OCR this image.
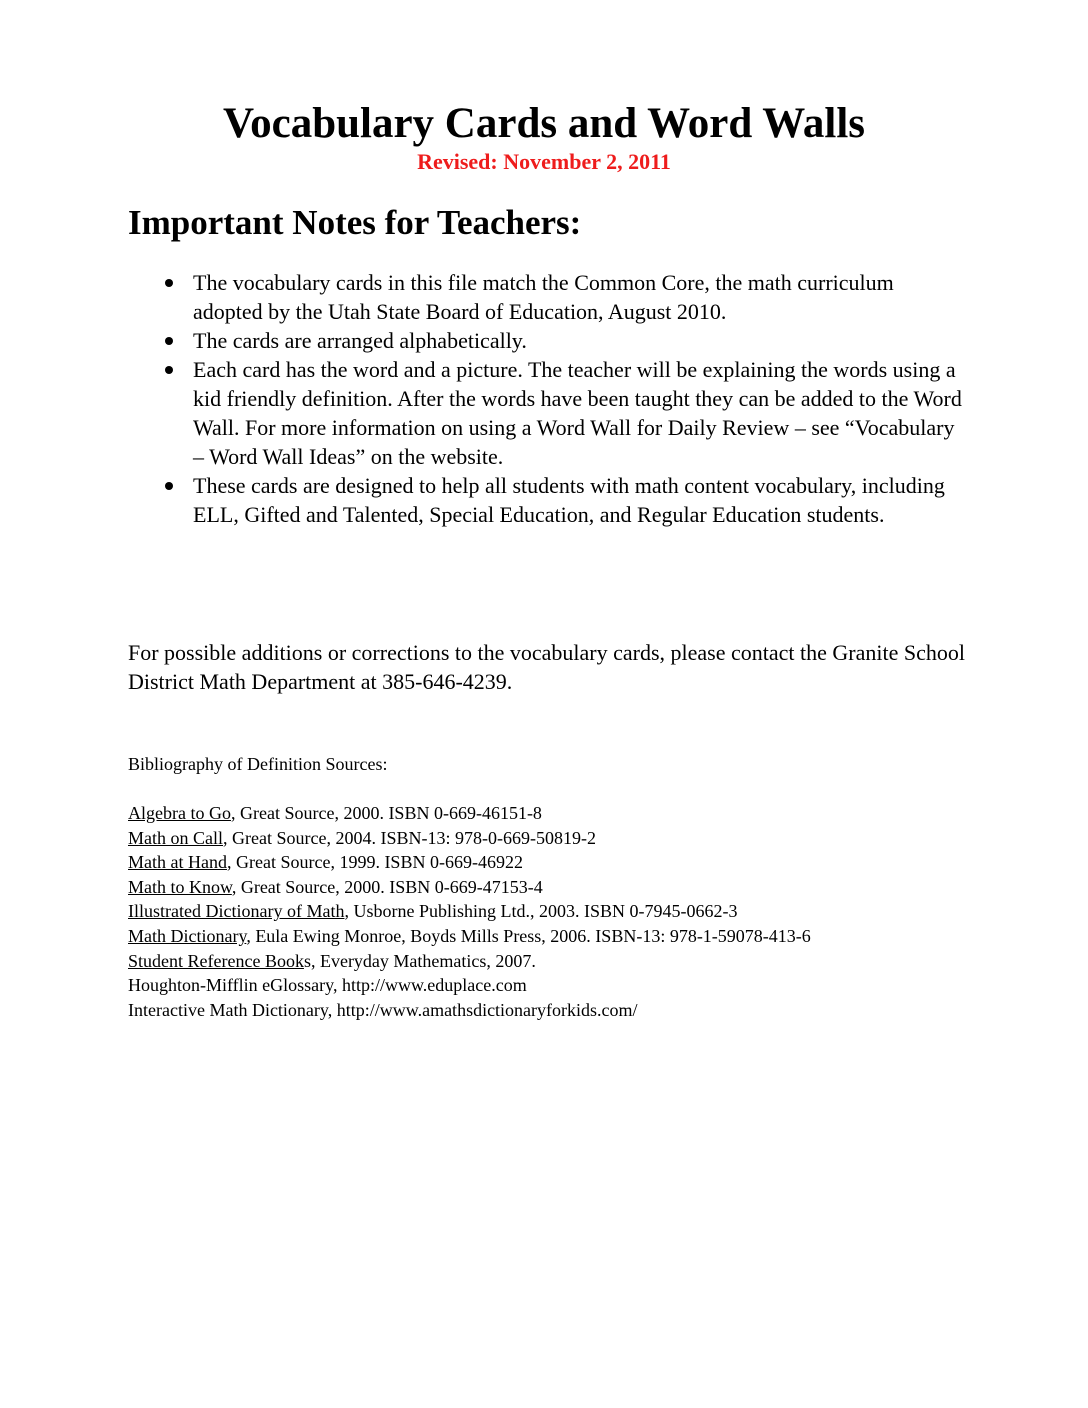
Vocabulary Cards and Word Walls
Revised: November 2, 2011
Important Notes for Teachers:
The vocabulary cards in this file match the Common Core, the math curriculum adopted by the Utah State Board of Education, August 2010.
The cards are arranged alphabetically.
Each card has the word and a picture. The teacher will be explaining the words using a kid friendly definition. After the words have been taught they can be added to the Word Wall. For more information on using a Word Wall for Daily Review – see “Vocabulary – Word Wall Ideas” on the website.
These cards are designed to help all students with math content vocabulary, including ELL, Gifted and Talented, Special Education, and Regular Education students.

For possible additions or corrections to the vocabulary cards, please contact the Granite School District Math Department at 385-646-4239.

Bibliography of Definition Sources:

Algebra to Go, Great Source, 2000. ISBN 0-669-46151-8
Math on Call, Great Source, 2004. ISBN-13: 978-0-669-50819-2
Math at Hand, Great Source, 1999. ISBN 0-669-46922
Math to Know, Great Source, 2000. ISBN 0-669-47153-4
Illustrated Dictionary of Math, Usborne Publishing Ltd., 2003. ISBN 0-7945-0662-3
Math Dictionary, Eula Ewing Monroe, Boyds Mills Press, 2006. ISBN-13: 978-1-59078-413-6
Student Reference Books, Everyday Mathematics, 2007.
Houghton-Mifflin eGlossary, http://www.eduplace.com
Interactive Math Dictionary, http://www.amathsdictionaryforkids.com/
